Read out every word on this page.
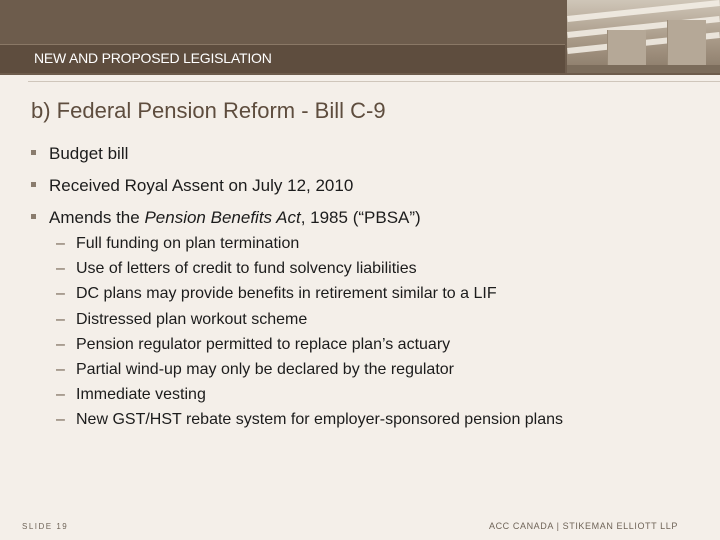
NEW AND PROPOSED LEGISLATION
b) Federal Pension Reform - Bill C-9
Budget bill
Received Royal Assent on July 12, 2010
Amends the Pension Benefits Act, 1985 (“PBSA”)
– Full funding on plan termination
– Use of letters of credit to fund solvency liabilities
– DC plans may provide benefits in retirement similar to a LIF
– Distressed plan workout scheme
– Pension regulator permitted to replace plan’s actuary
– Partial wind-up may only be declared by the regulator
– Immediate vesting
– New GST/HST rebate system for employer-sponsored pension plans
SLIDE 19	ACC CANADA | STIKEMAN ELLIOTT LLP
